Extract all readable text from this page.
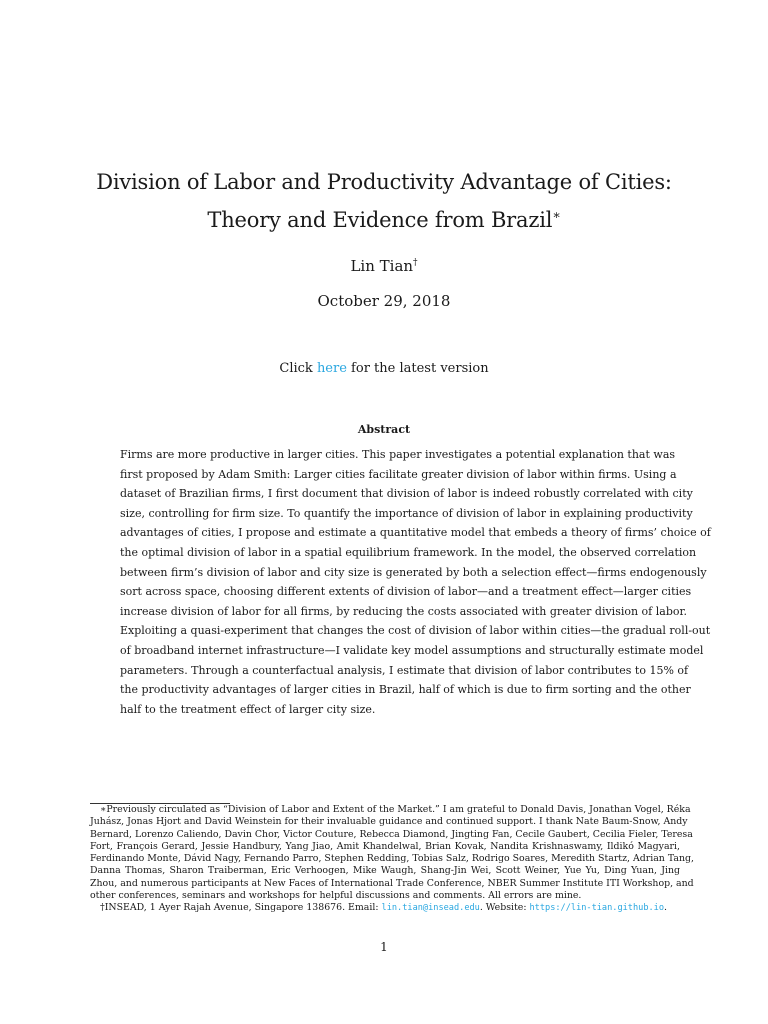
Division of Labor and Productivity Advantage of Cities:
Theory and Evidence from Brazil∗
Lin Tian†
October 29, 2018
Click here for the latest version
Abstract
Firms are more productive in larger cities. This paper investigates a potential explanation that was
first proposed by Adam Smith: Larger cities facilitate greater division of labor within firms. Using a
dataset of Brazilian firms, I first document that division of labor is indeed robustly correlated with city
size, controlling for firm size. To quantify the importance of division of labor in explaining productivity
advantages of cities, I propose and estimate a quantitative model that embeds a theory of firms’ choice of
the optimal division of labor in a spatial equilibrium framework. In the model, the observed correlation
between firm’s division of labor and city size is generated by both a selection effect—firms endogenously
sort across space, choosing different extents of division of labor—and a treatment effect—larger cities
increase division of labor for all firms, by reducing the costs associated with greater division of labor.
Exploiting a quasi-experiment that changes the cost of division of labor within cities—the gradual roll-out
of broadband internet infrastructure—I validate key model assumptions and structurally estimate model
parameters. Through a counterfactual analysis, I estimate that division of labor contributes to 15% of
the productivity advantages of larger cities in Brazil, half of which is due to firm sorting and the other
half to the treatment effect of larger city size.
∗Previously circulated as “Division of Labor and Extent of the Market.” I am grateful to Donald Davis, Jonathan Vogel, Réka
Juhász, Jonas Hjort and David Weinstein for their invaluable guidance and continued support. I thank Nate Baum-Snow, Andy
Bernard, Lorenzo Caliendo, Davin Chor, Victor Couture, Rebecca Diamond, Jingting Fan, Cecile Gaubert, Cecilia Fieler, Teresa
Fort, François Gerard, Jessie Handbury, Yang Jiao, Amit Khandelwal, Brian Kovak, Nandita Krishnaswamy, Ildikó Magyari,
Ferdinando Monte, Dávid Nagy, Fernando Parro, Stephen Redding, Tobias Salz, Rodrigo Soares, Meredith Startz, Adrian Tang,
Danna Thomas, Sharon Traiberman, Eric Verhoogen, Mike Waugh, Shang-Jin Wei, Scott Weiner, Yue Yu, Ding Yuan, Jing
Zhou, and numerous participants at New Faces of International Trade Conference, NBER Summer Institute ITI Workshop, and
other conferences, seminars and workshops for helpful discussions and comments. All errors are mine.
†INSEAD, 1 Ayer Rajah Avenue, Singapore 138676. Email: lin.tian@insead.edu. Website: https://lin-tian.github.io.
1
